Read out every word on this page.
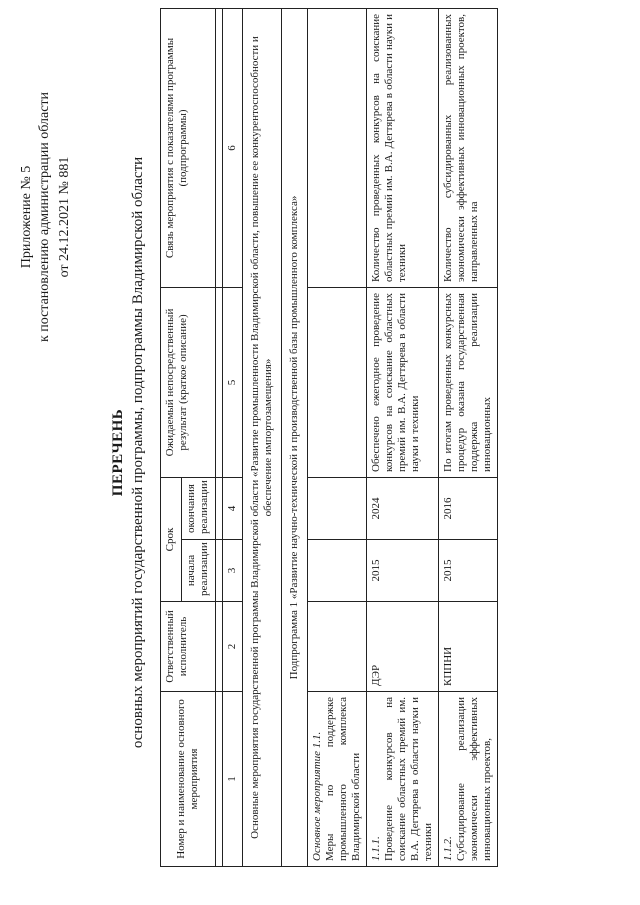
Приложение № 5 к постановлению администрации области от 24.12.2021 № 881
ПЕРЕЧЕНЬ основных мероприятий государственной программы, подпрограммы Владимирской области
Номер и наименование основного мероприятия	Ответственный исполнитель	Срок		Ожидаемый непосредственный результат (краткое описание)	Связь мероприятия с показателями программы (подпрограммы)
		начала реализации	окончания реализации		

1	2	3	4	5	6
Основные мероприятия государственной программы Владимирской области «Развитие промышленности Владимирской области, повышение ее конкурентоспособности и обеспечение импортозамещения»					
Подпрограмма 1 «Развитие научно-технической и производственной базы промышленного комплекса»					

Основное мероприятие 1.1. Меры по поддержке промышленного комплекса Владимирской области					

1.1.1. Проведение конкурсов на соискание областных премий им. В.А. Дегтярева в области науки и техники	ДЭР	2015	2024	Обеспечено ежегодное проведение конкурсов на соискание областных премий им. В.А. Дегтярева в области науки и техники	Количество проведенных конкурсов на соискание областных премий им. В.А. Дегтярева в области науки и техники

1.1.2. Субсидирование реализации экономически эффективных инновационных проектов,	КППНИ	2015	2016	По итогам проведенных конкурсных процедур оказана государственная поддержка реализации инновационных	Количество субсидированных реализованных экономически эффективных инновационных проектов, направленных на
